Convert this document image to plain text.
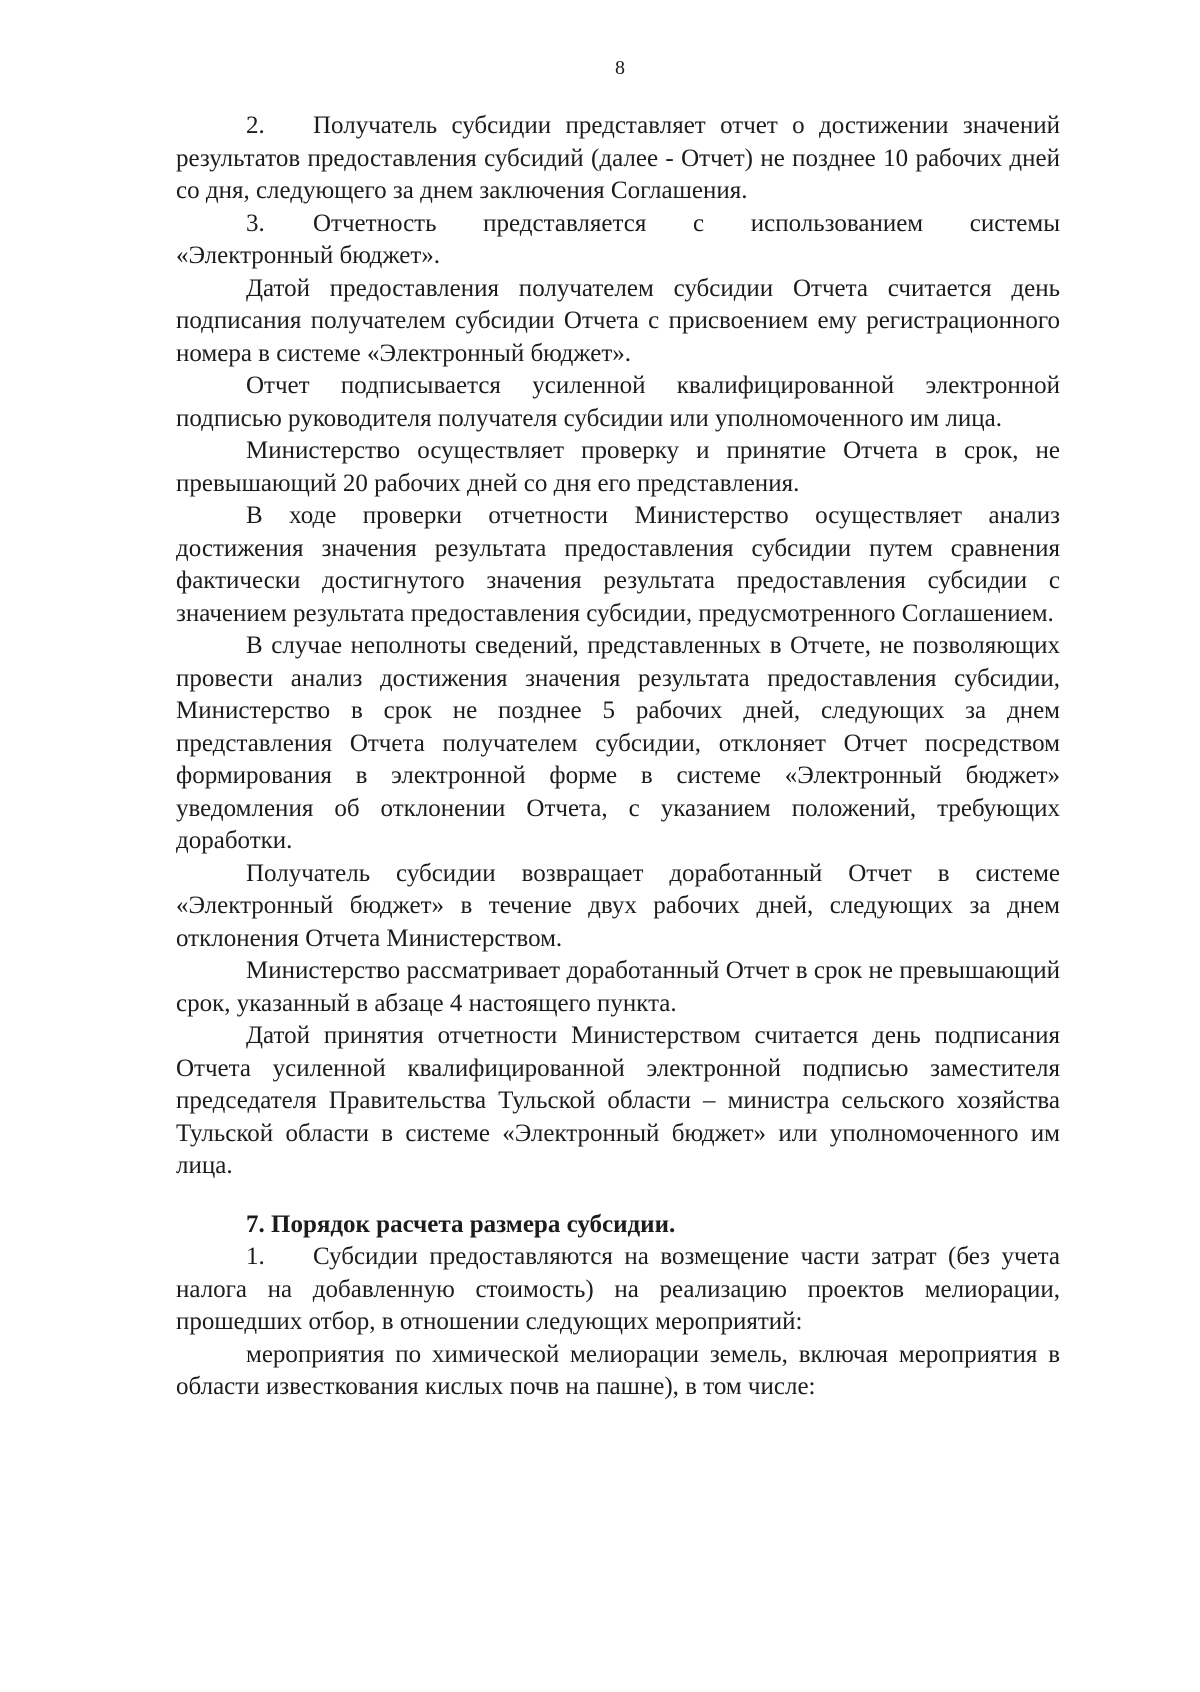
8

2. Получатель субсидии представляет отчет о достижении значений результатов предоставления субсидий (далее - Отчет) не позднее 10 рабочих дней со дня, следующего за днем заключения Соглашения.

3. Отчетность представляется с использованием системы «Электронный бюджет».

Датой предоставления получателем субсидии Отчета считается день подписания получателем субсидии Отчета с присвоением ему регистрационного номера в системе «Электронный бюджет».

Отчет подписывается усиленной квалифицированной электронной подписью руководителя получателя субсидии или уполномоченного им лица.

Министерство осуществляет проверку и принятие Отчета в срок, не превышающий 20 рабочих дней со дня его представления.

В ходе проверки отчетности Министерство осуществляет анализ достижения значения результата предоставления субсидии путем сравнения фактически достигнутого значения результата предоставления субсидии с значением результата предоставления субсидии, предусмотренного Соглашением.

В случае неполноты сведений, представленных в Отчете, не позволяющих провести анализ достижения значения результата предоставления субсидии, Министерство в срок не позднее 5 рабочих дней, следующих за днем представления Отчета получателем субсидии, отклоняет Отчет посредством формирования в электронной форме в системе «Электронный бюджет» уведомления об отклонении Отчета, с указанием положений, требующих доработки.

Получатель субсидии возвращает доработанный Отчет в системе «Электронный бюджет» в течение двух рабочих дней, следующих за днем отклонения Отчета Министерством.

Министерство рассматривает доработанный Отчет в срок не превышающий срок, указанный в абзаце 4 настоящего пункта.

Датой принятия отчетности Министерством считается день подписания Отчета усиленной квалифицированной электронной подписью заместителя председателя Правительства Тульской области – министра сельского хозяйства Тульской области в системе «Электронный бюджет» или уполномоченного им лица.

7. Порядок расчета размера субсидии.

1. Субсидии предоставляются на возмещение части затрат (без учета налога на добавленную стоимость) на реализацию проектов мелиорации, прошедших отбор, в отношении следующих мероприятий:

мероприятия по химической мелиорации земель, включая мероприятия в области известкования кислых почв на пашне), в том числе:
